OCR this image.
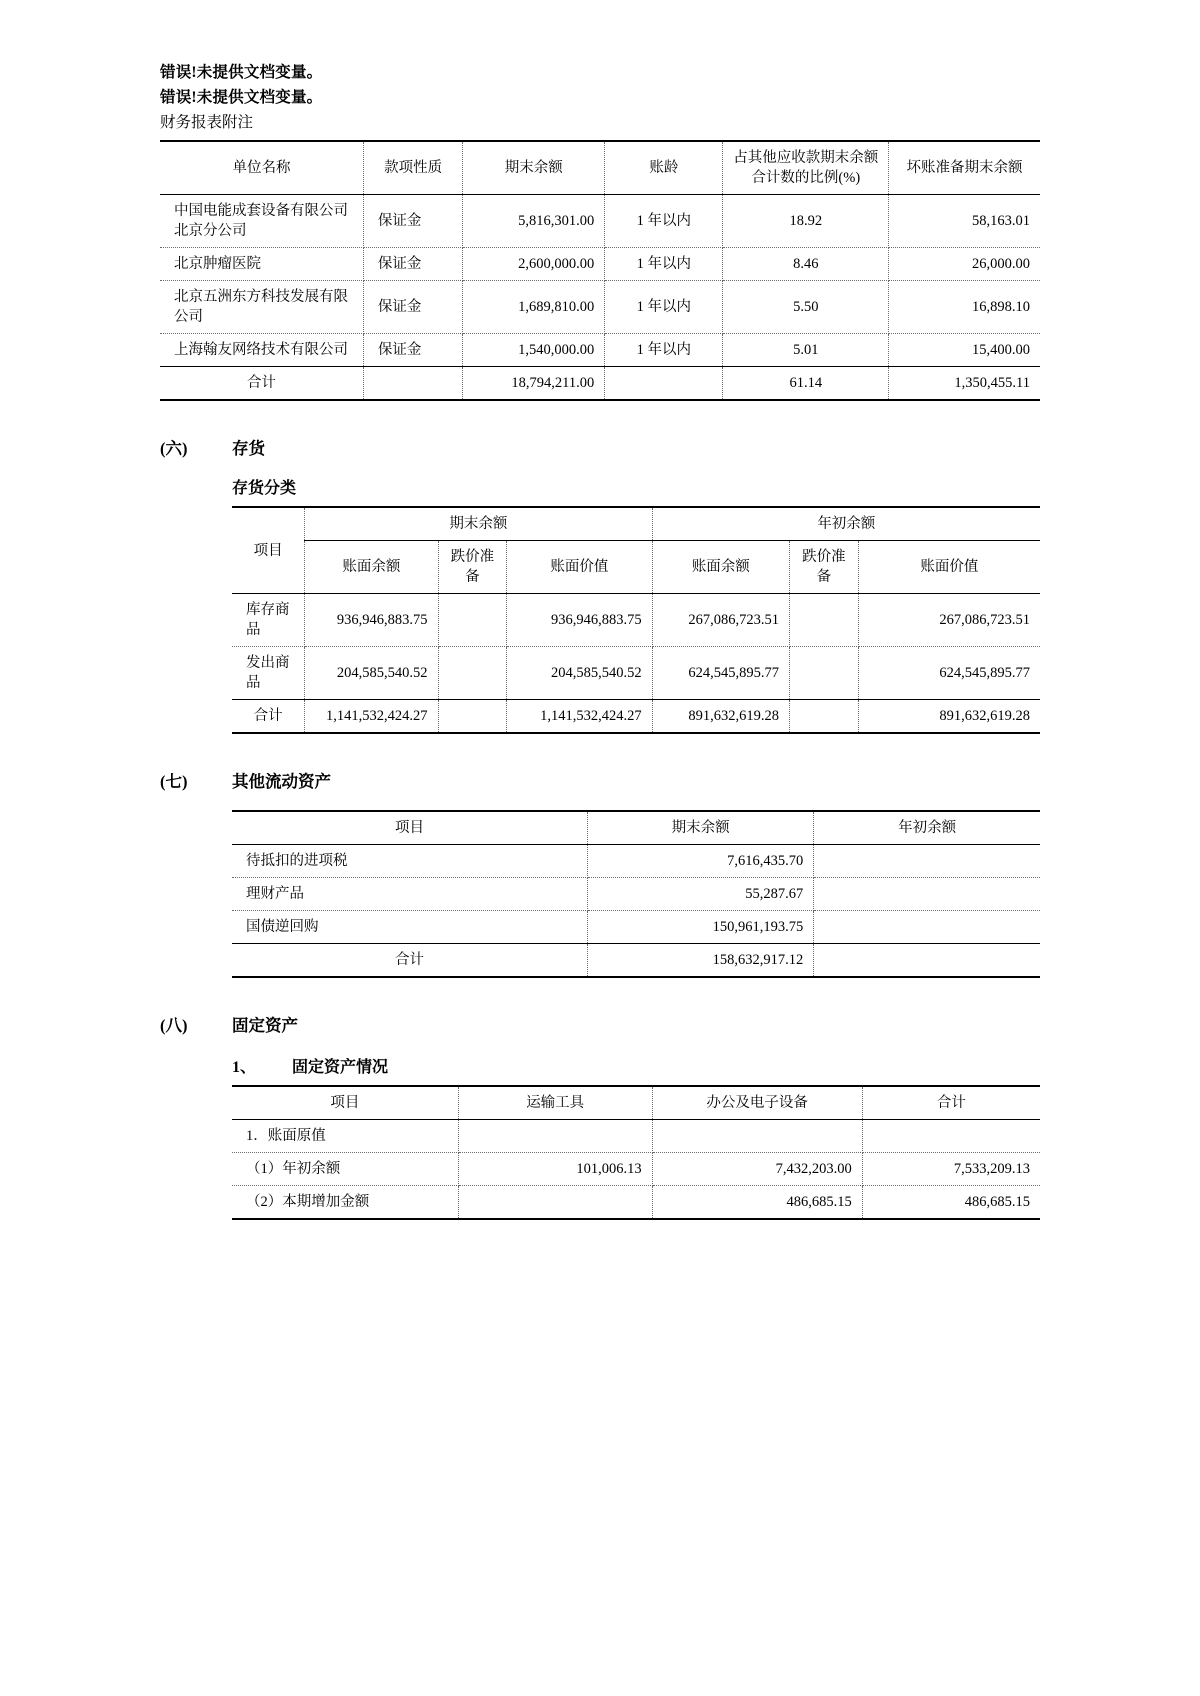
错误!未提供文档变量。
错误!未提供文档变量。
财务报表附注
单位名称	款项性质	期末余额	账龄	占其他应收款期末余额合计数的比例(%)	坏账准备期末余额
中国电能成套设备有限公司北京分公司	保证金	5,816,301.00	1 年以内	18.92	58,163.01
北京肿瘤医院	保证金	2,600,000.00	1 年以内	8.46	26,000.00
北京五洲东方科技发展有限公司	保证金	1,689,810.00	1 年以内	5.50	16,898.10
上海翰友网络技术有限公司	保证金	1,540,000.00	1 年以内	5.01	15,400.00
合计		18,794,211.00		61.14	1,350,455.11
(六)	存货
存货分类
项目	期末余额			年初余额		
	账面余额	跌价准备	账面价值	账面余额	跌价准备	账面价值
库存商品	936,946,883.75		936,946,883.75	267,086,723.51		267,086,723.51
发出商品	204,585,540.52		204,585,540.52	624,545,895.77		624,545,895.77
合计	1,141,532,424.27		1,141,532,424.27	891,632,619.28		891,632,619.28
(七)	其他流动资产
项目	期末余额	年初余额
待抵扣的进项税	7,616,435.70	
理财产品	55,287.67	
国债逆回购	150,961,193.75	
合计	158,632,917.12	
(八)	固定资产
1、	固定资产情况
项目	运输工具	办公及电子设备	合计
1．账面原值			
（1）年初余额	101,006.13	7,432,203.00	7,533,209.13
（2）本期增加金额		486,685.15	486,685.15
